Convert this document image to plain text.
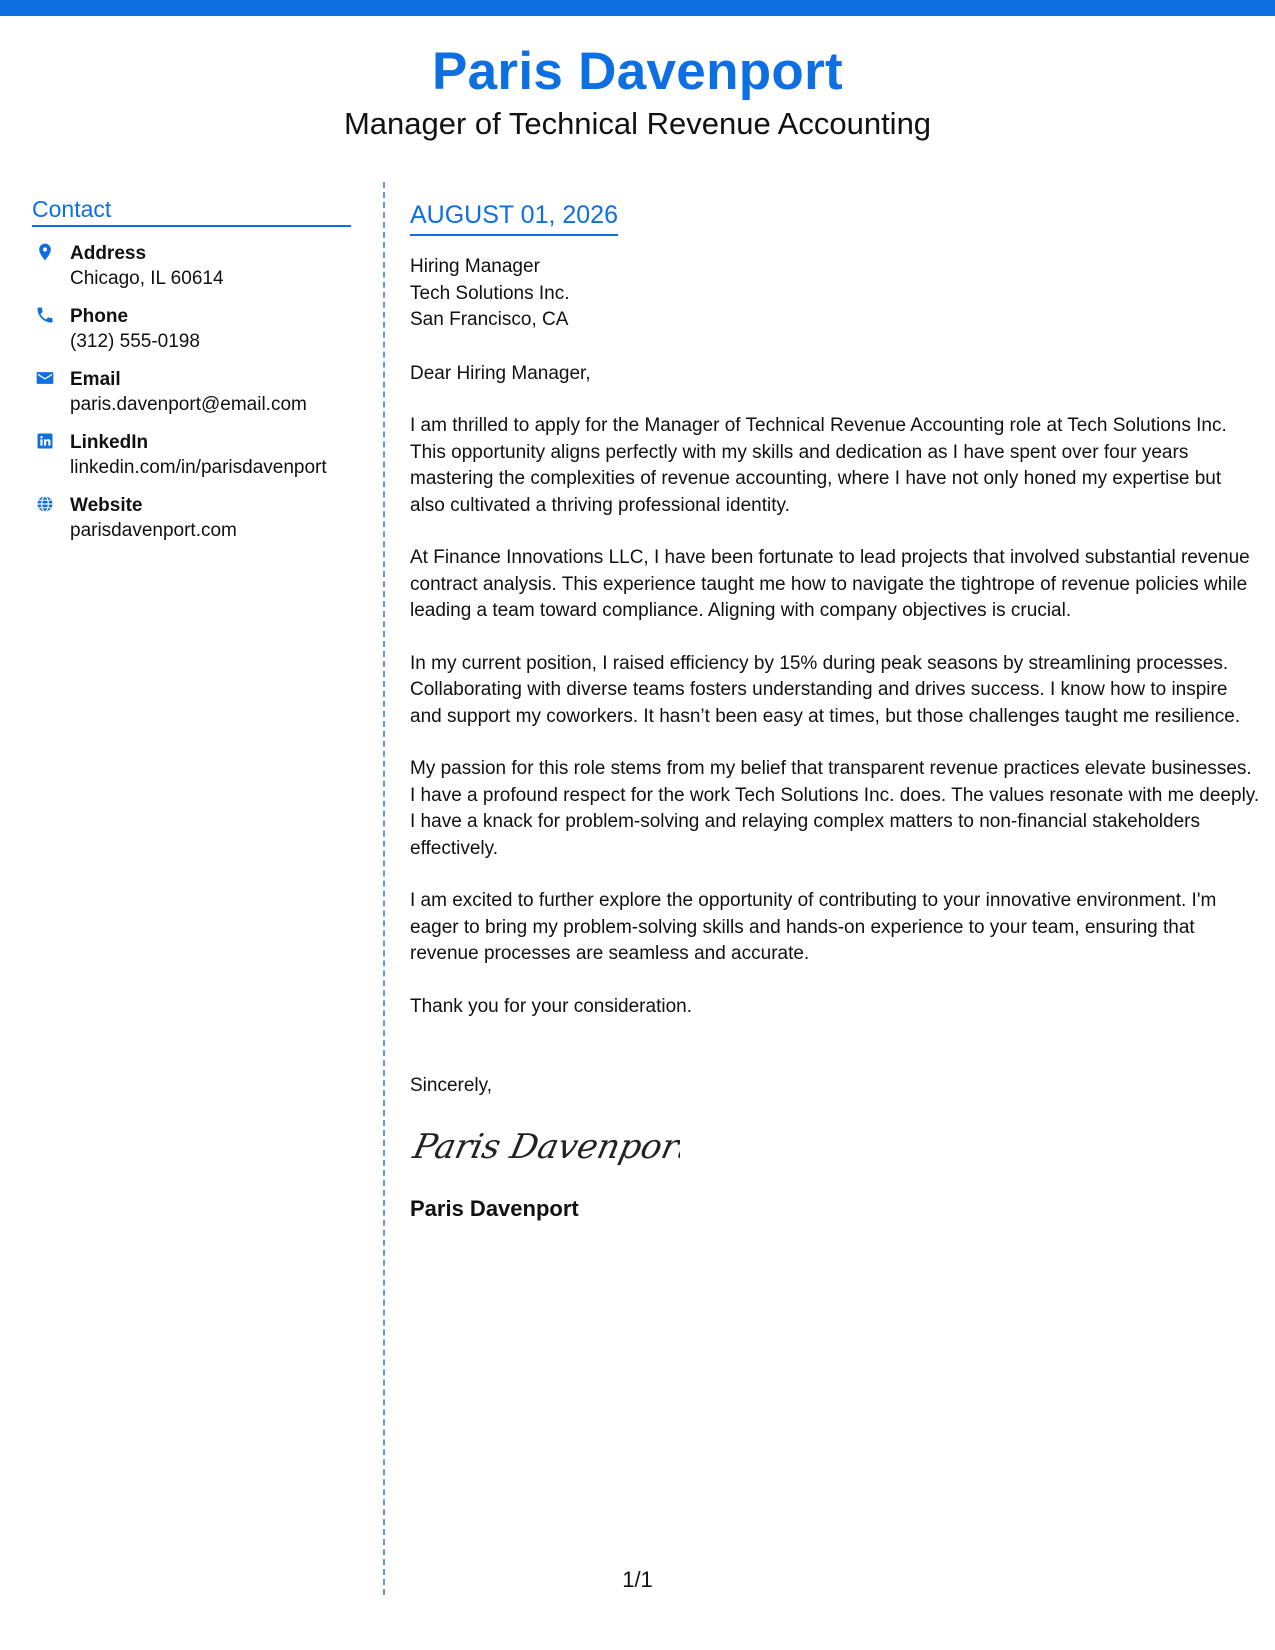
Paris Davenport
Manager of Technical Revenue Accounting
Contact
Address
Chicago, IL 60614
Phone
(312) 555-0198
Email
paris.davenport@email.com
LinkedIn
linkedin.com/in/parisdavenport
Website
parisdavenport.com
AUGUST 01, 2026
Hiring Manager
Tech Solutions Inc.
San Francisco, CA
Dear Hiring Manager,
I am thrilled to apply for the Manager of Technical Revenue Accounting role at Tech Solutions Inc. This opportunity aligns perfectly with my skills and dedication as I have spent over four years mastering the complexities of revenue accounting, where I have not only honed my expertise but also cultivated a thriving professional identity.
At Finance Innovations LLC, I have been fortunate to lead projects that involved substantial revenue contract analysis. This experience taught me how to navigate the tightrope of revenue policies while leading a team toward compliance. Aligning with company objectives is crucial.
In my current position, I raised efficiency by 15% during peak seasons by streamlining processes. Collaborating with diverse teams fosters understanding and drives success. I know how to inspire and support my coworkers. It hasn’t been easy at times, but those challenges taught me resilience.
My passion for this role stems from my belief that transparent revenue practices elevate businesses. I have a profound respect for the work Tech Solutions Inc. does. The values resonate with me deeply. I have a knack for problem-solving and relaying complex matters to non-financial stakeholders effectively.
I am excited to further explore the opportunity of contributing to your innovative environment. I'm eager to bring my problem-solving skills and hands-on experience to your team, ensuring that revenue processes are seamless and accurate.
Thank you for your consideration.
Sincerely,
Paris Davenport
Paris Davenport
1/1
